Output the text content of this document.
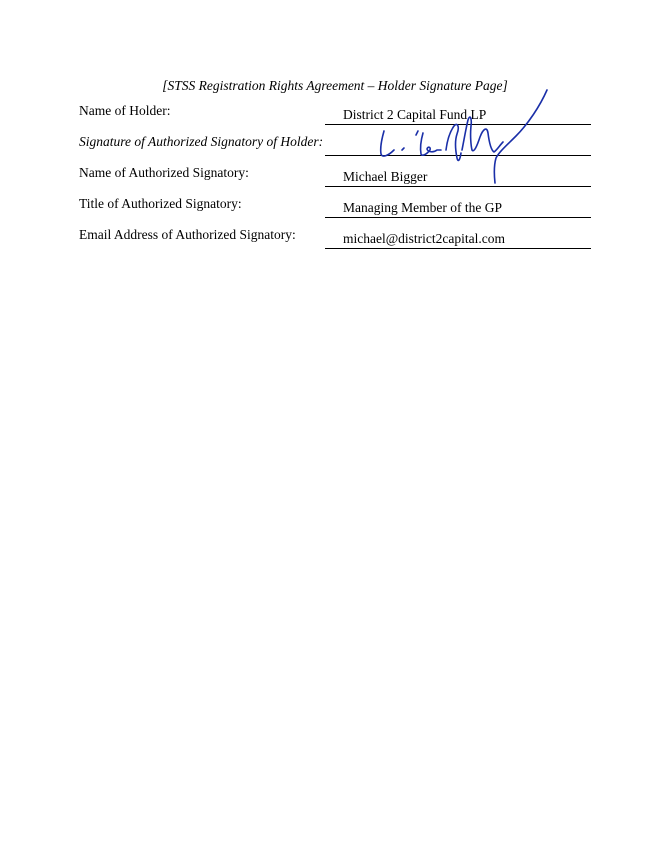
[STSS Registration Rights Agreement – Holder Signature Page]
Name of Holder:	District 2 Capital Fund LP
Signature of Authorized Signatory of Holder:
Name of Authorized Signatory:	Michael Bigger
Title of Authorized Signatory:	Managing Member of the GP
Email Address of Authorized Signatory:	michael@district2capital.com
